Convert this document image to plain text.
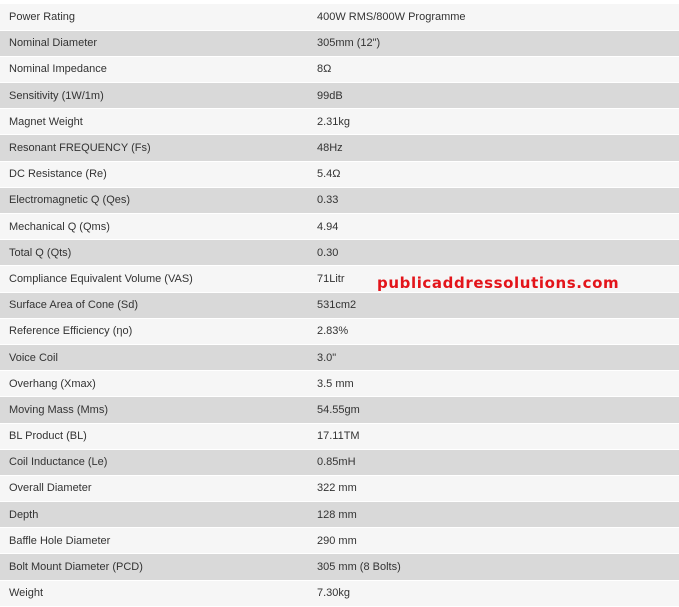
Power Rating	400W RMS/800W Programme
Nominal Diameter	305mm (12")
Nominal Impedance	8Ω
Sensitivity (1W/1m)	99dB
Magnet Weight	2.31kg
Resonant FREQUENCY (Fs)	48Hz
DC Resistance (Re)	5.4Ω
Electromagnetic Q (Qes)	0.33
Mechanical Q (Qms)	4.94
Total Q (Qts)	0.30
Compliance Equivalent Volume (VAS)	71Litr
Surface Area of Cone (Sd)	531cm2
Reference Efficiency (ηo)	2.83%
Voice Coil	3.0"
Overhang (Xmax)	3.5 mm
Moving Mass (Mms)	54.55gm
BL Product (BL)	17.11TM
Coil Inductance (Le)	0.85mH
Overall Diameter	322 mm
Depth	128 mm
Baffle Hole Diameter	290 mm
Bolt Mount Diameter (PCD)	305 mm (8 Bolts)
Weight	7.30kg
publicaddressolutions.com
